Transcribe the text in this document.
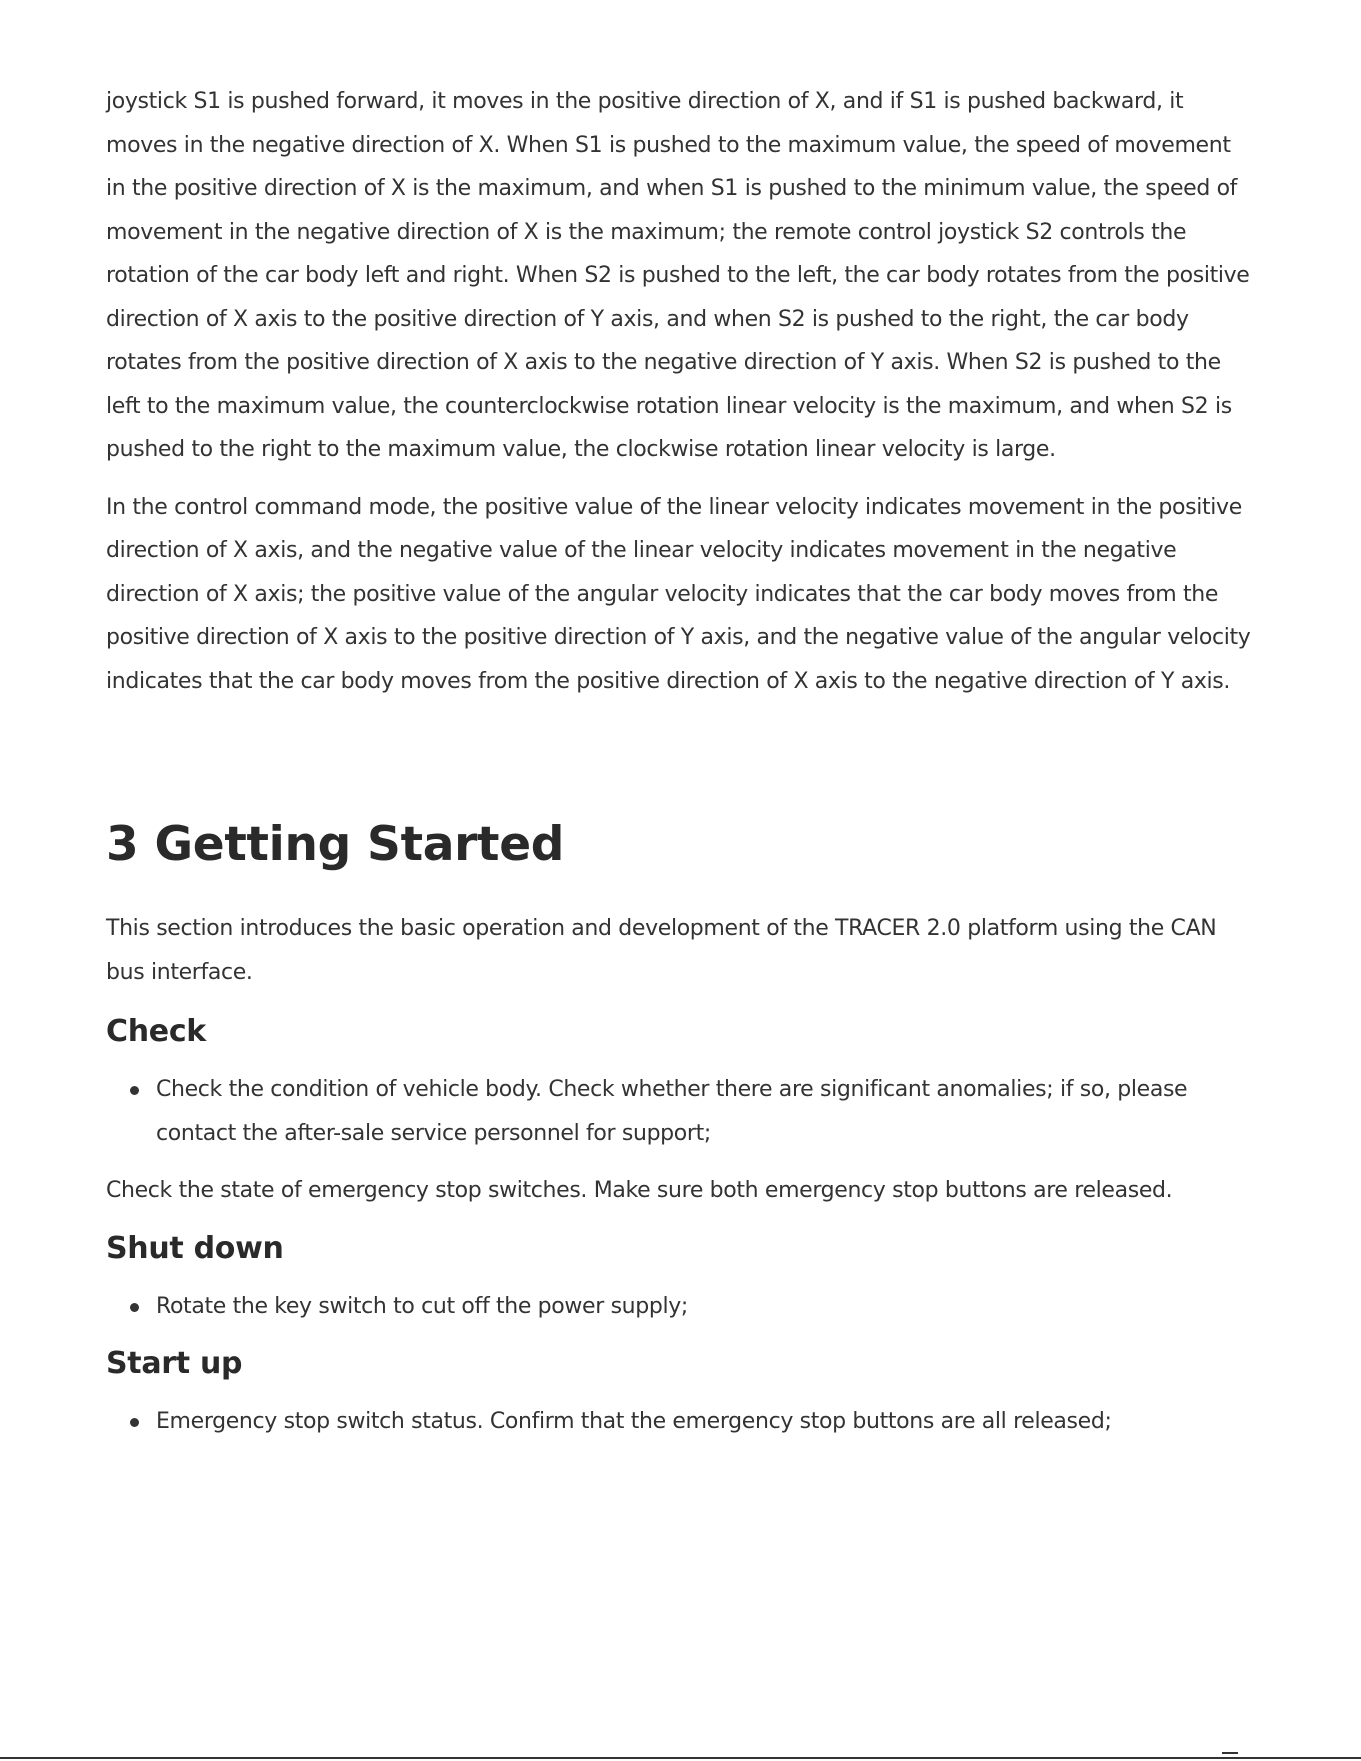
joystick S1 is pushed forward, it moves in the positive direction of X, and if S1 is pushed backward, it moves in the negative direction of X. When S1 is pushed to the maximum value, the speed of movement in the positive direction of X is the maximum, and when S1 is pushed to the minimum value, the speed of movement in the negative direction of X is the maximum; the remote control joystick S2 controls the rotation of the car body left and right. When S2 is pushed to the left, the car body rotates from the positive direction of X axis to the positive direction of Y axis, and when S2 is pushed to the right, the car body rotates from the positive direction of X axis to the negative direction of Y axis. When S2 is pushed to the left to the maximum value, the counterclockwise rotation linear velocity is the maximum, and when S2 is pushed to the right to the maximum value, the clockwise rotation linear velocity is large.

In the control command mode, the positive value of the linear velocity indicates movement in the positive direction of X axis, and the negative value of the linear velocity indicates movement in the negative direction of X axis; the positive value of the angular velocity indicates that the car body moves from the positive direction of X axis to the positive direction of Y axis, and the negative value of the angular velocity indicates that the car body moves from the positive direction of X axis to the negative direction of Y axis.

3 Getting Started

This section introduces the basic operation and development of the TRACER 2.0 platform using the CAN bus interface.

Check
Check the condition of vehicle body. Check whether there are significant anomalies; if so, please contact the after-sale service personnel for support;

Check the state of emergency stop switches. Make sure both emergency stop buttons are released.

Shut down
Rotate the key switch to cut off the power supply;
Start up
Emergency stop switch status. Confirm that the emergency stop buttons are all released;
